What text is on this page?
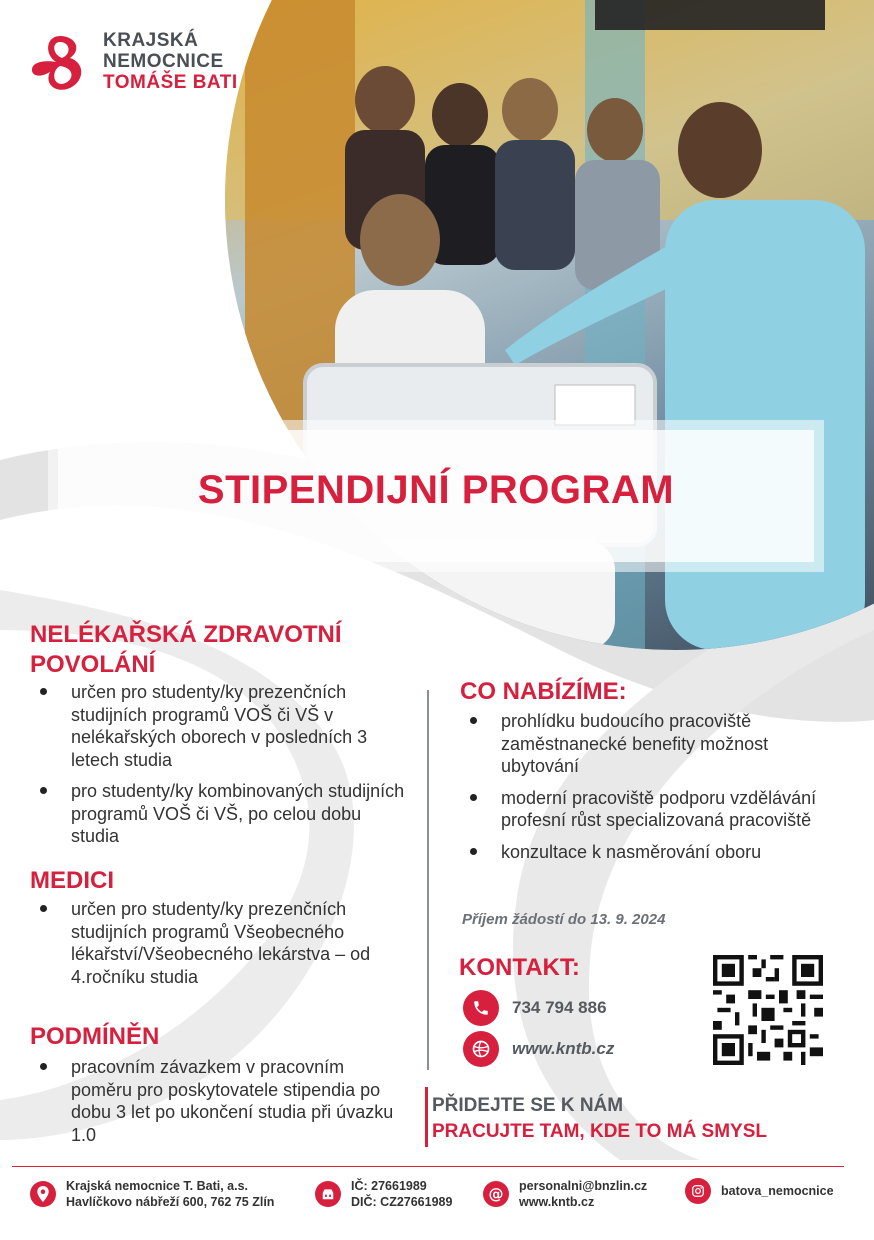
KRAJSKÁ
NEMOCNICE
TOMÁŠE BATI
STIPENDIJNÍ PROGRAM
NELÉKAŘSKÁ ZDRAVOTNÍ
POVOLÁNÍ
určen pro studenty/ky prezenčních studijních programů VOŠ či VŠ v nelékařských oborech v posledních 3 letech studia
pro studenty/ky kombinovaných studijních programů VOŠ či VŠ, po celou dobu studia
MEDICI
určen pro studenty/ky prezenčních studijních programů Všeobecného lékařství/Všeobecného lekárstva – od 4.ročníku studia
PODMÍNĚN
pracovním závazkem v pracovním poměru pro poskytovatele stipendia po dobu 3 let po ukončení studia při úvazku 1.0
CO NABÍZÍME:
prohlídku budoucího pracoviště zaměstnanecké benefity možnost ubytování
moderní pracoviště podporu vzdělávání profesní růst specializovaná pracoviště
konzultace k nasměrování oboru
Příjem žádostí do 13. 9. 2024
KONTAKT:
734 794 886
www.kntb.cz
PŘIDEJTE SE K NÁM
PRACUJTE TAM, KDE TO MÁ SMYSL
Krajská nemocnice T. Bati, a.s.
Havlíčkovo nábřeží 600, 762 75 Zlín
IČ: 27661989
DIČ: CZ27661989 @ personalni@bnzlin.cz
www.kntb.cz
batova_nemocnice
